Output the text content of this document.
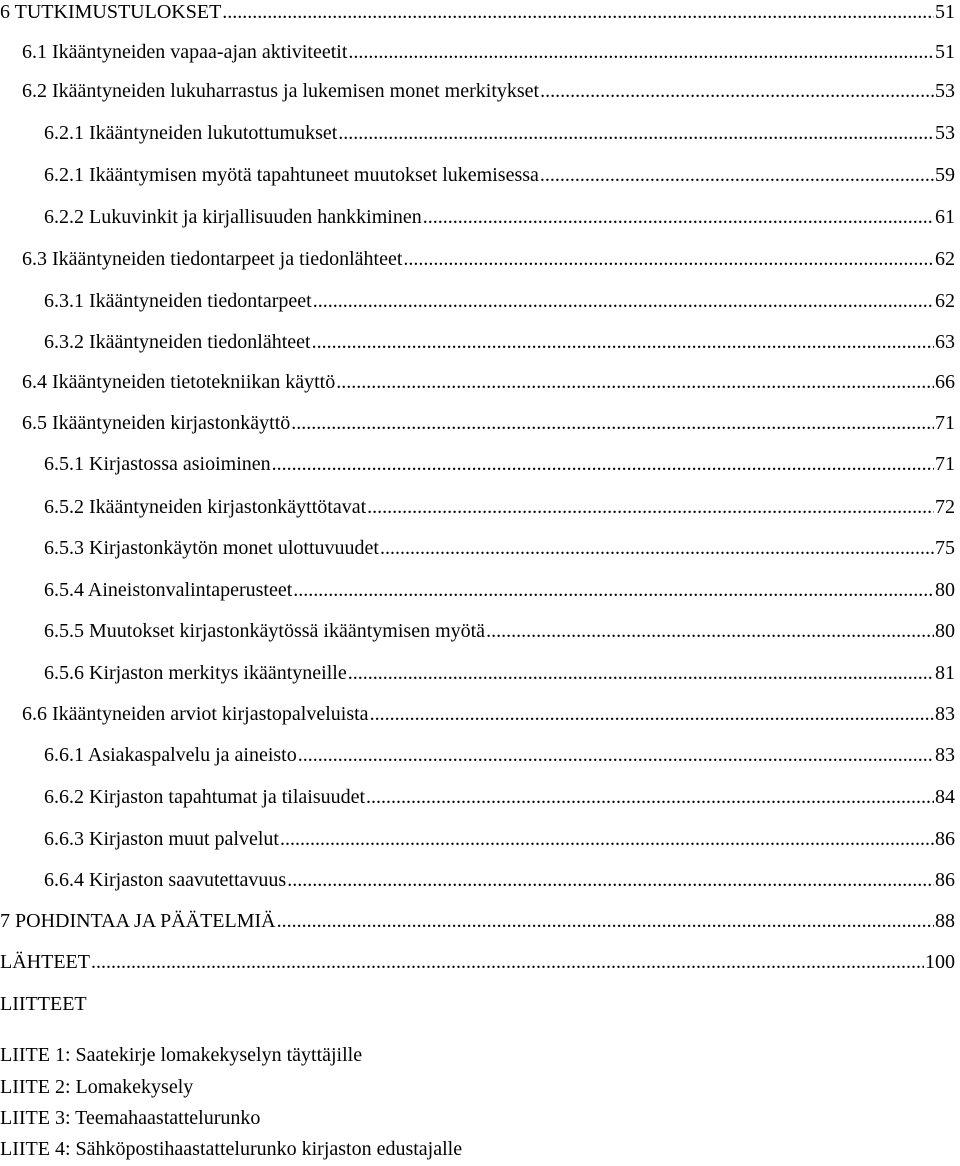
6 TUTKIMUSTULOKSET .....	51
6.1 Ikääntyneiden vapaa-ajan aktiviteetit .....	51
6.2 Ikääntyneiden lukuharrastus ja lukemisen monet merkitykset .....	53
6.2.1 Ikääntyneiden lukutottumukset .....	53
6.2.1 Ikääntymisen myötä tapahtuneet muutokset lukemisessa .....	59
6.2.2 Lukuvinkit ja kirjallisuuden hankkiminen .....	61
6.3 Ikääntyneiden tiedontarpeet ja tiedonlähteet .....	62
6.3.1 Ikääntyneiden tiedontarpeet .....	62
6.3.2 Ikääntyneiden tiedonlähteet .....	63
6.4 Ikääntyneiden tietotekniikan käyttö .....	66
6.5 Ikääntyneiden kirjastonkäyttö .....	71
6.5.1 Kirjastossa asioiminen .....	71
6.5.2 Ikääntyneiden kirjastonkäyttötavat .....	72
6.5.3 Kirjastonkäytön monet ulottuvuudet .....	75
6.5.4 Aineistonvalintaperusteet .....	80
6.5.5 Muutokset kirjastonkäytössä ikääntymisen myötä .....	80
6.5.6 Kirjaston merkitys ikääntyneille .....	81
6.6 Ikääntyneiden arviot kirjastopalveluista .....	83
6.6.1 Asiakaspalvelu ja aineisto .....	83
6.6.2 Kirjaston tapahtumat ja tilaisuudet .....	84
6.6.3 Kirjaston muut palvelut .....	86
6.6.4 Kirjaston saavutettavuus .....	86
7 POHDINTAA JA PÄÄTELMIÄ .....	88
LÄHTEET .....	100
LIITTEET
LIITE 1: Saatekirje lomakekyselyn täyttäjille
LIITE 2: Lomakekysely
LIITE 3: Teemahaastattelurunko
LIITE 4: Sähköpostihaastattelurunko kirjaston edustajalle
